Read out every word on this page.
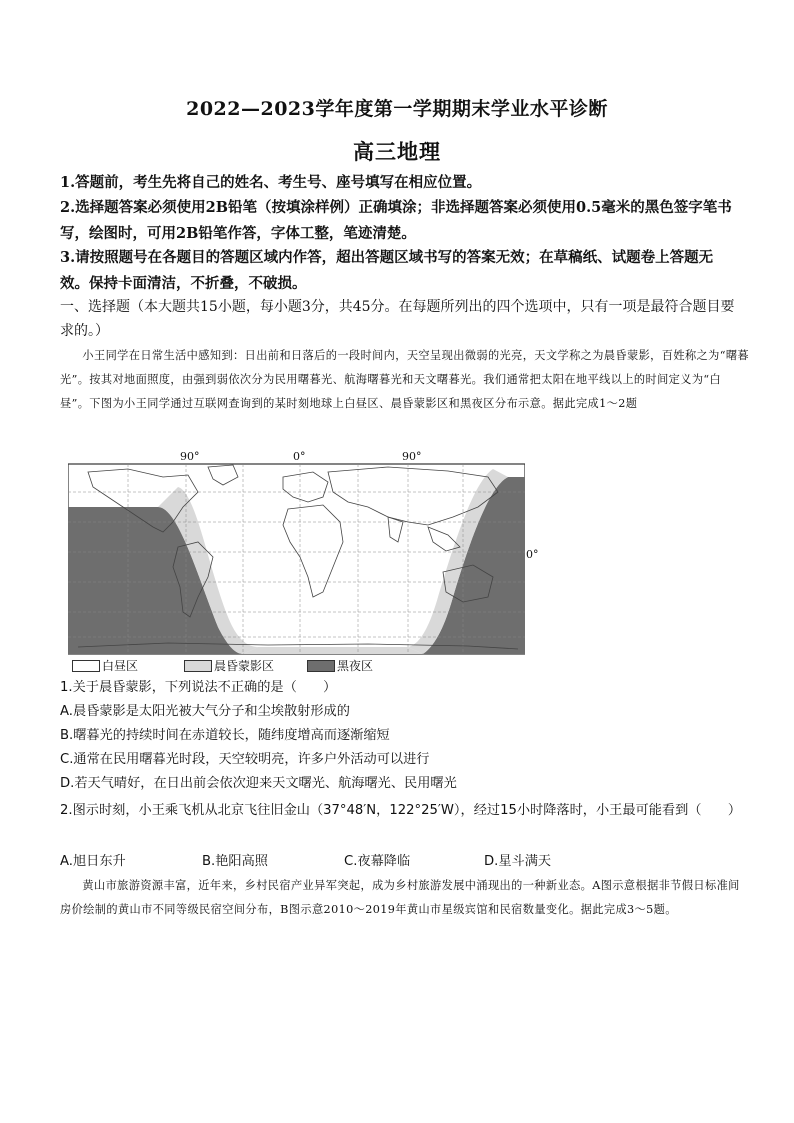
2022—2023学年度第一学期期末学业水平诊断
高三地理
1.答题前，考生先将自己的姓名、考生号、座号填写在相应位置。
2.选择题答案必须使用2B铅笔（按填涂样例）正确填涂；非选择题答案必须使用0.5毫米的黑色签字笔书写，绘图时，可用2B铅笔作答，字体工整，笔迹清楚。
3.请按照题号在各题目的答题区域内作答，超出答题区域书写的答案无效；在草稿纸、试题卷上答题无效。保持卡面清洁，不折叠，不破损。
一、选择题（本大题共15小题，每小题3分，共45分。在每题所列出的四个选项中，只有一项是最符合题目要求的。）
小王同学在日常生活中感知到：日出前和日落后的一段时间内，天空呈现出微弱的光亮，天文学称之为晨昏蒙影，百姓称之为“曙暮光”。按其对地面照度，由强到弱依次分为民用曙暮光、航海曙暮光和天文曙暮光。我们通常把太阳在地平线以上的时间定义为“白昼”。下图为小王同学通过互联网查询到的某时刻地球上白昼区、晨昏蒙影区和黑夜区分布示意。据此完成1～2题
90°	0°	90°
白昼区	晨昏蒙影区	黑夜区
0°
1.关于晨昏蒙影，下列说法不正确的是（　　）
A.晨昏蒙影是太阳光被大气分子和尘埃散射形成的
B.曙暮光的持续时间在赤道较长，随纬度增高而逐渐缩短
C.通常在民用曙暮光时段，天空较明亮，许多户外活动可以进行
D.若天气晴好，在日出前会依次迎来天文曙光、航海曙光、民用曙光
2.图示时刻，小王乘飞机从北京飞往旧金山（37°48′N，122°25′W），经过15小时降落时，小王最可能看到（　　）
A.旭日东升	B.艳阳高照	C.夜幕降临	D.星斗满天
黄山市旅游资源丰富，近年来，乡村民宿产业异军突起，成为乡村旅游发展中涌现出的一种新业态。A图示意根据非节假日标准间房价绘制的黄山市不同等级民宿空间分布，B图示意2010～2019年黄山市星级宾馆和民宿数量变化。据此完成3～5题。
